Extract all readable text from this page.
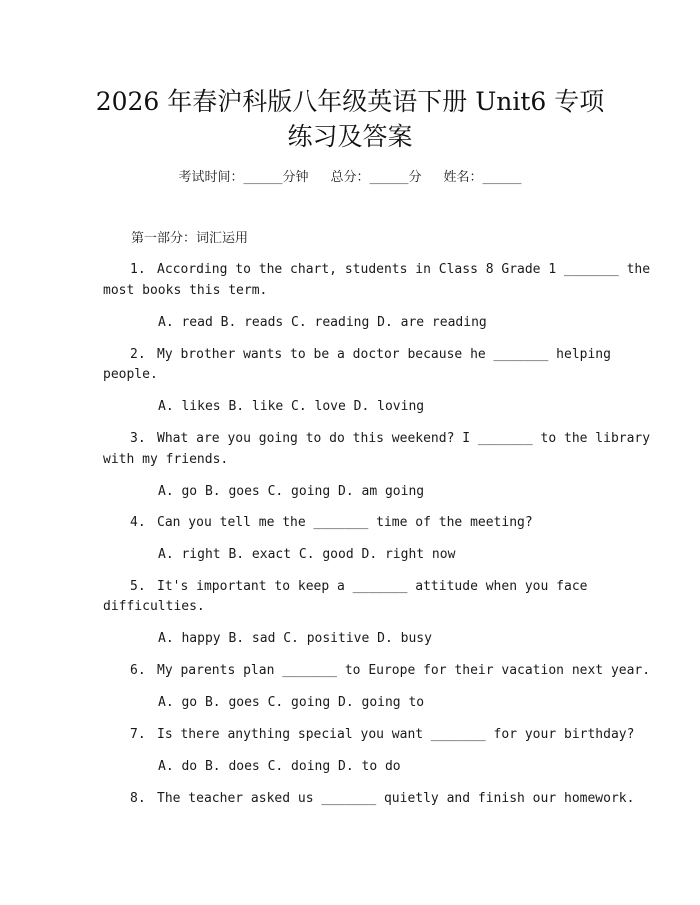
2026 年春沪科版八年级英语下册 Unit6 专项
练习及答案
考试时间：______分钟 总分：______分 姓名：______
第一部分：词汇运用
1. According to the chart, students in Class 8 Grade 1 _______ the
most books this term.
A. read B. reads C. reading D. are reading
2. My brother wants to be a doctor because he _______ helping
people.
A. likes B. like C. love D. loving
3. What are you going to do this weekend? I _______ to the library
with my friends.
A. go B. goes C. going D. am going
4. Can you tell me the _______ time of the meeting?
A. right B. exact C. good D. right now
5. It's important to keep a _______ attitude when you face
difficulties.
A. happy B. sad C. positive D. busy
6. My parents plan _______ to Europe for their vacation next year.
A. go B. goes C. going D. going to
7. Is there anything special you want _______ for your birthday?
A. do B. does C. doing D. to do
8. The teacher asked us _______ quietly and finish our homework.
